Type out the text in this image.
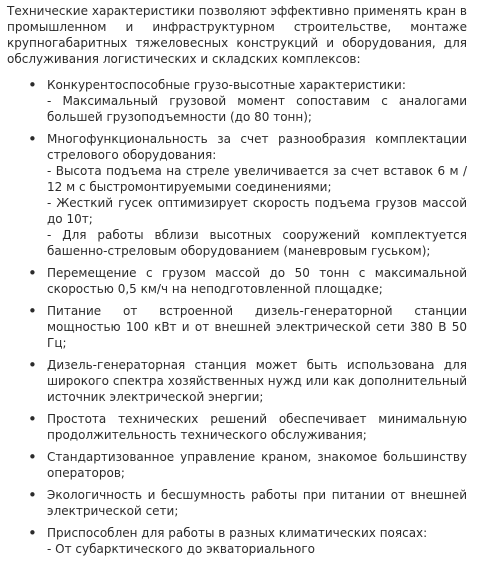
Технические характеристики позволяют эффективно применять кран в промышленном и инфраструктурном строительстве, монтаже крупногабаритных тяжеловесных конструкций и оборудования, для обслуживания логистических и складских комплексов:

• Конкурентоспособные грузо-высотные характеристики:
- Максимальный грузовой момент сопоставим с аналогами большей грузоподъемности (до 80 тонн);
• Многофункциональность за счет разнообразия комплектации стрелового оборудования:
- Высота подъема на стреле увеличивается за счет вставок 6 м / 12 м с быстромонтируемыми соединениями;
- Жесткий гусек оптимизирует скорость подъема грузов массой до 10т;
- Для работы вблизи высотных сооружений комплектуется башенно-стреловым оборудованием (маневровым гуськом);
• Перемещение с грузом массой до 50 тонн с максимальной скоростью 0,5 км/ч на неподготовленной площадке;
• Питание от встроенной дизель-генераторной станции мощностью 100 кВт и от внешней электрической сети 380 В 50 Гц;
• Дизель-генераторная станция может быть использована для широкого спектра хозяйственных нужд или как дополнительный источник электрической энергии;
• Простота технических решений обеспечивает минимальную продолжительность технического обслуживания;
• Стандартизованное управление краном, знакомое большинству операторов;
• Экологичность и бесшумность работы при питании от внешней электрической сети;
• Приспособлен для работы в разных климатических поясах:
- От субарктического до экваториального
